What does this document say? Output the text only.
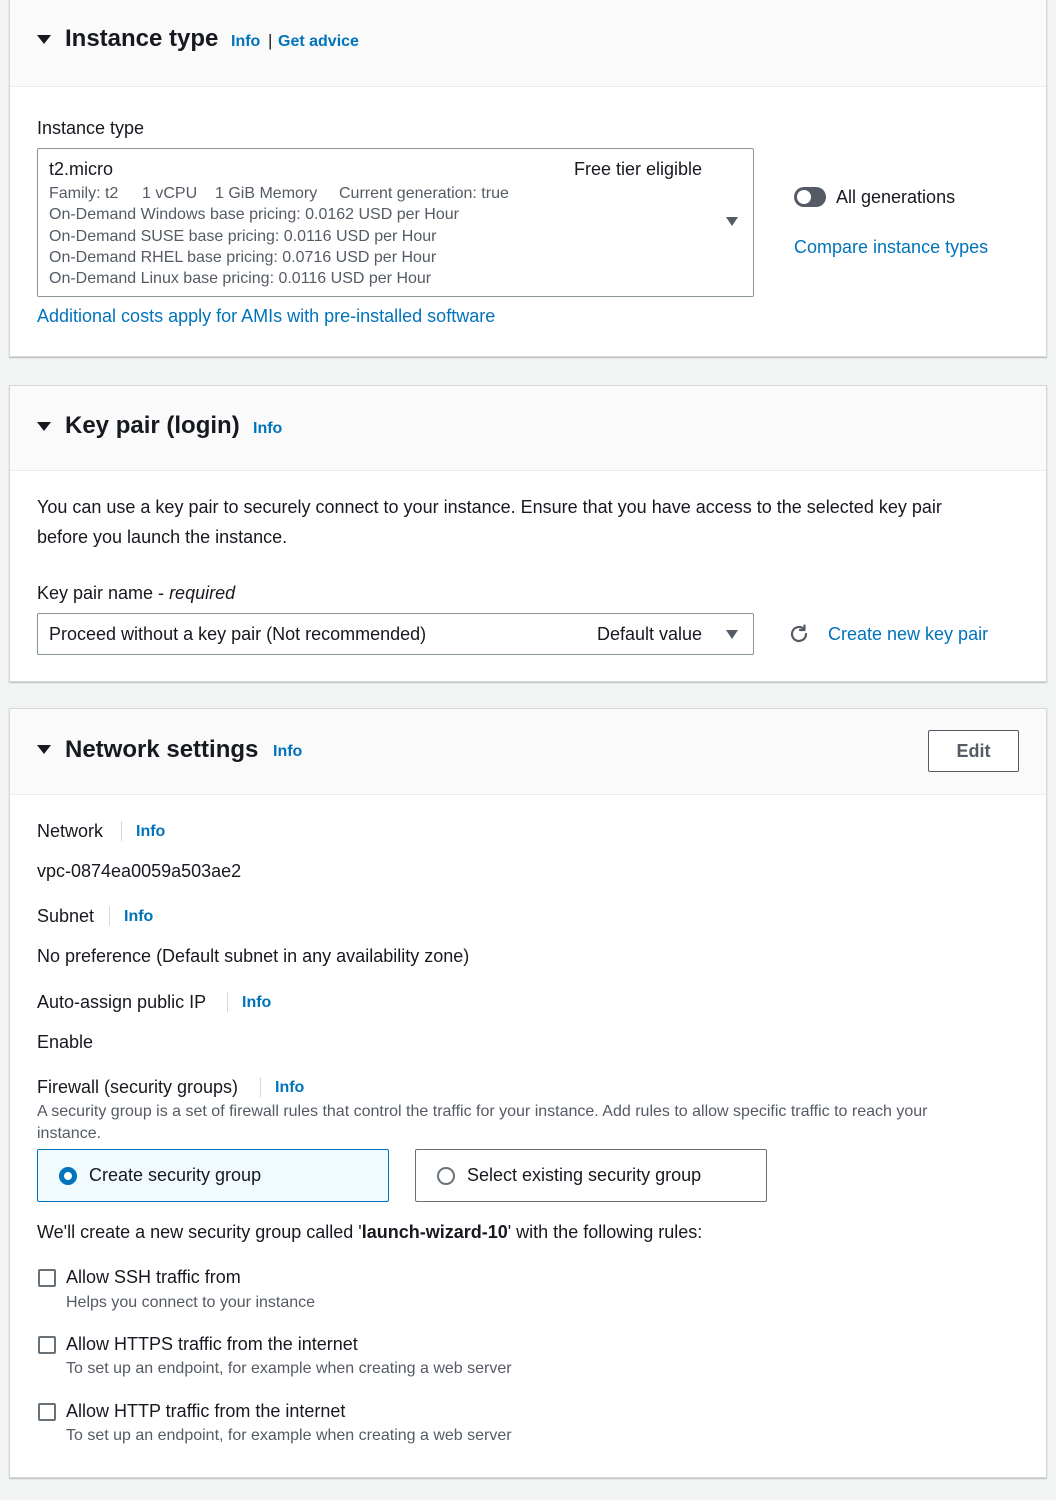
Instance type Info | Get advice
Instance type
t2.micro	Free tier eligible
Family: t2 1 vCPU 1 GiB Memory Current generation: true
On-Demand Windows base pricing: 0.0162 USD per Hour
On-Demand SUSE base pricing: 0.0116 USD per Hour
On-Demand RHEL base pricing: 0.0716 USD per Hour
On-Demand Linux base pricing: 0.0116 USD per Hour
All generations
Compare instance types
Additional costs apply for AMIs with pre-installed software
Key pair (login) Info
You can use a key pair to securely connect to your instance. Ensure that you have access to the selected key pair
before you launch the instance.
Key pair name - required
Proceed without a key pair (Not recommended)	Default value	Create new key pair
Network settings Info	Edit
Network Info
vpc-0874ea0059a503ae2
Subnet Info
No preference (Default subnet in any availability zone)
Auto-assign public IP Info
Enable
Firewall (security groups) Info
A security group is a set of firewall rules that control the traffic for your instance. Add rules to allow specific traffic to reach your
instance.
Create security group	Select existing security group
We'll create a new security group called 'launch-wizard-10' with the following rules:
Allow SSH traffic from
Helps you connect to your instance
Allow HTTPS traffic from the internet
To set up an endpoint, for example when creating a web server
Allow HTTP traffic from the internet
To set up an endpoint, for example when creating a web server
